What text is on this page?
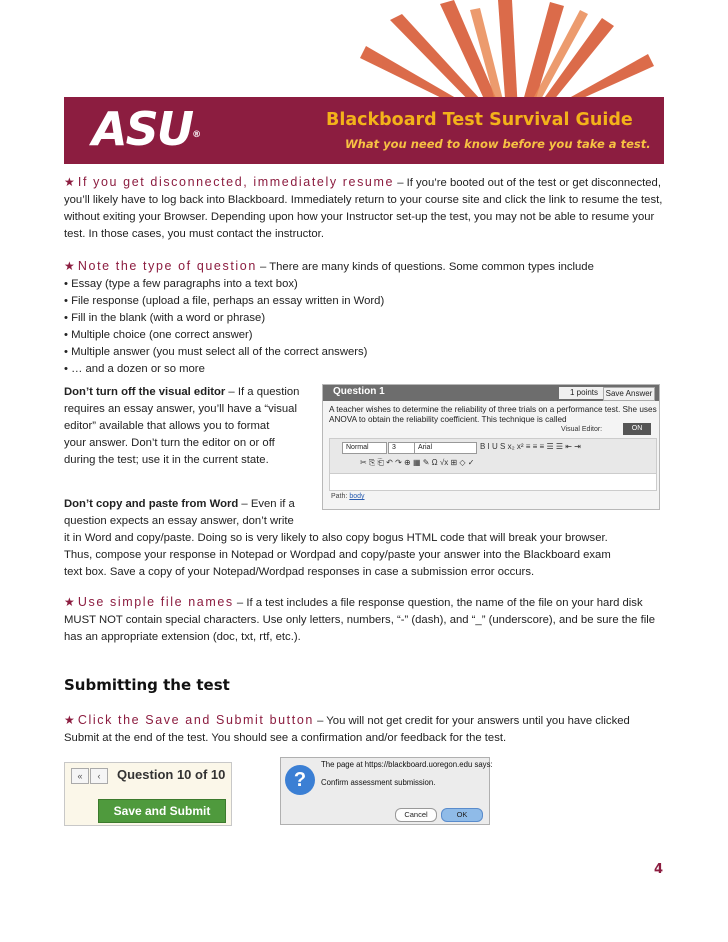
ASU®
Blackboard Test Survival Guide
What you need to know before you take a test.
★ If you get disconnected, immediately resume – If you’re booted out of the test or get disconnected, you’ll likely have to log back into Blackboard. Immediately return to your course site and click the link to resume the test, without exiting your Browser. Depending upon how your Instructor set-up the test, you may not be able to resume your test. In those cases, you must contact the instructor.
★ Note the type of question – There are many kinds of questions. Some common types include
• Essay (type a few paragraphs into a text box)
• File response (upload a file, perhaps an essay written in Word)
• Fill in the blank (with a word or phrase)
• Multiple choice (one correct answer)
• Multiple answer (you must select all of the correct answers)
• … and a dozen or so more
Don’t turn off the visual editor – If a question
requires an essay answer, you’ll have a “visual
editor” available that allows you to format
your answer. Don’t turn the editor on or off
during the test; use it in the current state.
Don’t copy and paste from Word – Even if a
question expects an essay answer, don’t write
it in Word and copy/paste. Doing so is very likely to also copy bogus HTML code that will break your browser.
Thus, compose your response in Notepad or Wordpad and copy/paste your answer into the Blackboard exam
text box. Save a copy of your Notepad/Wordpad responses in case a submission error occurs.
★ Use simple file names – If a test includes a file response question, the name of the file on your hard disk MUST NOT contain special characters. Use only letters, numbers, “-” (dash), and “_” (underscore), and be sure the file has an appropriate extension (doc, txt, rtf, etc.).
Submitting the test
★ Click the Save and Submit button – You will not get credit for your answers until you have clicked Submit at the end of the test. You should see a confirmation and/or feedback for the test.
Question 1	1 points Save Answer
A teacher wishes to determine the reliability of three trials on a performance test. She uses ANOVA to obtain the reliability coefficient. This technique is called
Visual Editor:	ON
Normal	3	Arial	B I U S x₂ x² ≡ ≡ ≡ ☰ ☰ ⇤ ⇥
✂ ⎘ ⎗ ↶ ↷ ⊕ ▦ ✎ Ω √x ⊞ ◇ ✓
Path: body
«	‹	Question 10 of 10
Save and Submit
?
The page at https://blackboard.uoregon.edu says:
Confirm assessment submission.
Cancel	OK
4
